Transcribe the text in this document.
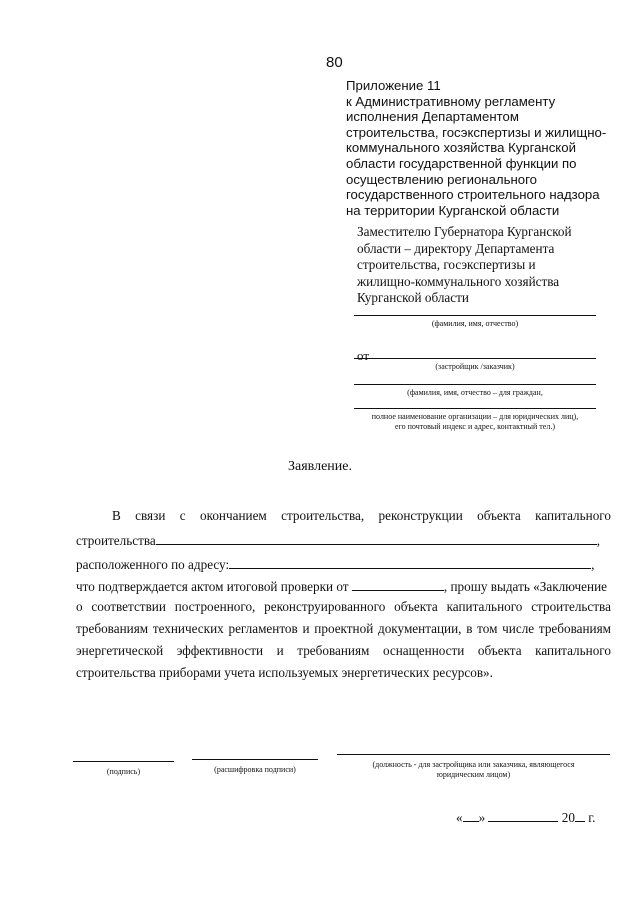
80
Приложение 11
к Административному регламенту
исполнения Департаментом
строительства, госэкспертизы и жилищно-
коммунального хозяйства Курганской
области государственной функции по
осуществлению регионального
государственного строительного надзора
на территории Курганской области
Заместителю Губернатора Курганской
области – директору Департамента
строительства, госэкспертизы и
жилищно-коммунального хозяйства
Курганской области
(фамилия, имя, отчество)
от
(застройщик /заказчик)
(фамилия, имя, отчество – для граждан,
полное наименование организации – для юридических лиц),
его почтовый индекс и адрес, контактный тел.)
Заявление.
В связи с окончанием строительства, реконструкции объекта капитального
строительства	,
расположенного по адресу:	,
что подтверждается актом итоговой проверки от	, прошу выдать «Заключение
о соответствии построенного, реконструированного объекта капитального строительства
требованиям технических регламентов и проектной документации, в том числе требованиям
энергетической эффективности и требованиям оснащенности объекта капитального
строительства приборами учета используемых энергетических ресурсов».
(подпись)	(расшифровка подписи)
(должность - для застройщика или заказчика, являющегося
юридическим лицом)
« »	20 г.
